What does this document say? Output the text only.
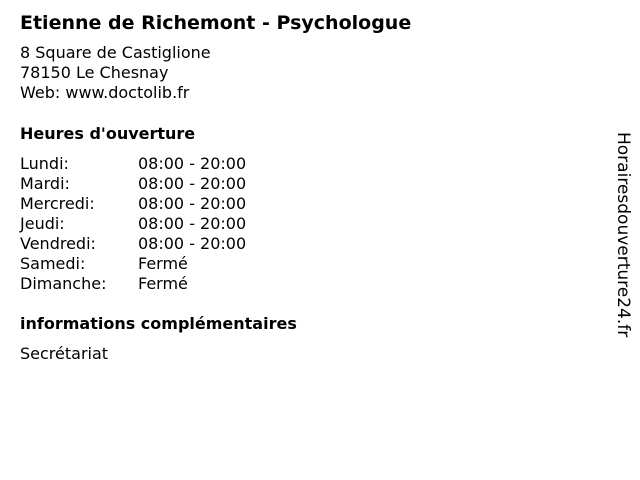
Etienne de Richemont - Psychologue
8 Square de Castiglione
78150 Le Chesnay
Web: www.doctolib.fr
Heures d'ouverture
Lundi:	08:00 - 20:00
Mardi:	08:00 - 20:00
Mercredi:	08:00 - 20:00
Jeudi:	08:00 - 20:00
Vendredi:	08:00 - 20:00
Samedi:	Fermé
Dimanche: Fermé
informations complémentaires
Secrétariat
Horairesdouverture24.fr
